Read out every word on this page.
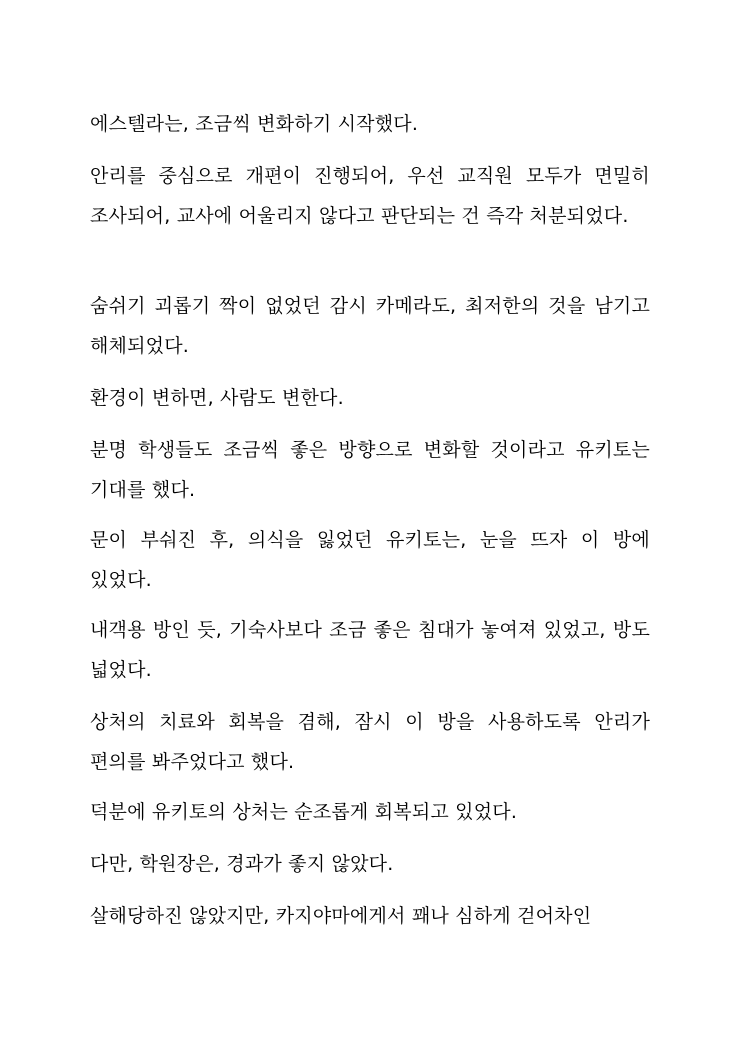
에스텔라는, 조금씩 변화하기 시작했다.

안리를 중심으로 개편이 진행되어, 우선 교직원 모두가 면밀히 조사되어, 교사에 어울리지 않다고 판단되는 건 즉각 처분되었다.

숨쉬기 괴롭기 짝이 없었던 감시 카메라도, 최저한의 것을 남기고 해체되었다.

환경이 변하면, 사람도 변한다.

분명 학생들도 조금씩 좋은 방향으로 변화할 것이라고 유키토는 기대를 했다.

문이 부숴진 후, 의식을 잃었던 유키토는, 눈을 뜨자 이 방에 있었다.

내객용 방인 듯, 기숙사보다 조금 좋은 침대가 놓여져 있었고, 방도 넓었다.

상처의 치료와 회복을 겸해, 잠시 이 방을 사용하도록 안리가 편의를 봐주었다고 했다.

덕분에 유키토의 상처는 순조롭게 회복되고 있었다.

다만, 학원장은, 경과가 좋지 않았다.

살해당하진 않았지만, 카지야마에게서 꽤나 심하게 걷어차인
